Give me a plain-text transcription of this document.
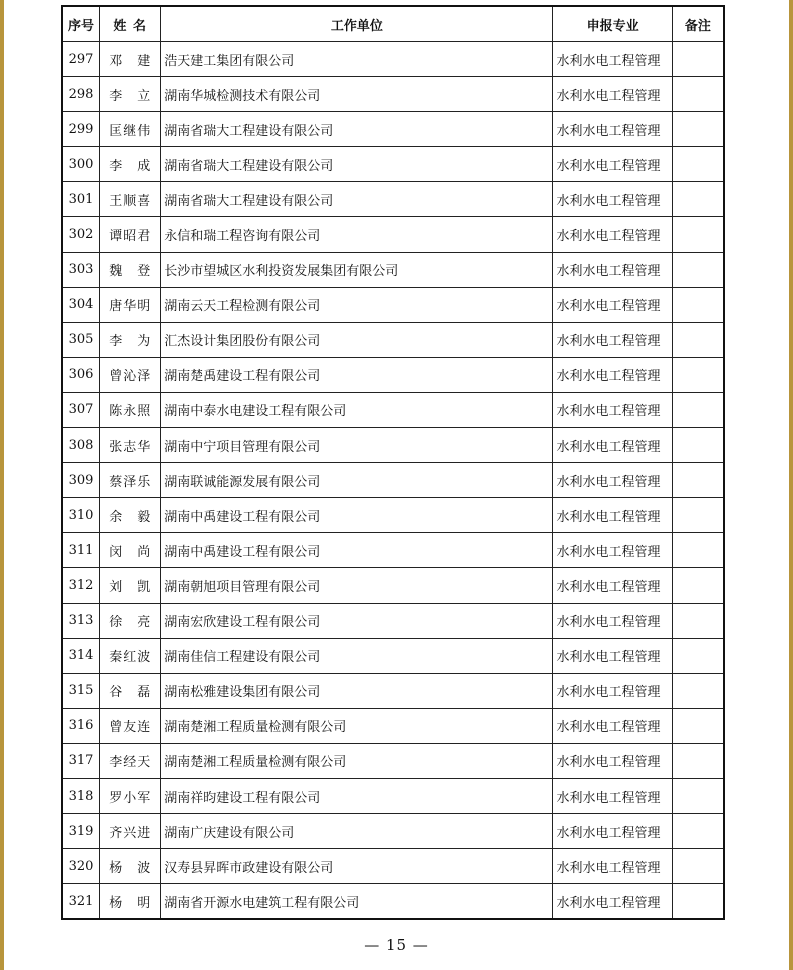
序号	姓 名	工作单位	申报专业	备注
297	邓　建	浩天建工集团有限公司	水利水电工程管理	
298	李　立	湖南华城检测技术有限公司	水利水电工程管理	
299	匡继伟	湖南省瑞大工程建设有限公司	水利水电工程管理	
300	李　成	湖南省瑞大工程建设有限公司	水利水电工程管理	
301	王顺喜	湖南省瑞大工程建设有限公司	水利水电工程管理	
302	谭昭君	永信和瑞工程咨询有限公司	水利水电工程管理	
303	魏　登	长沙市望城区水利投资发展集团有限公司	水利水电工程管理	
304	唐华明	湖南云天工程检测有限公司	水利水电工程管理	
305	李　为	汇杰设计集团股份有限公司	水利水电工程管理	
306	曾沁泽	湖南楚禹建设工程有限公司	水利水电工程管理	
307	陈永照	湖南中泰水电建设工程有限公司	水利水电工程管理	
308	张志华	湖南中宁项目管理有限公司	水利水电工程管理	
309	蔡泽乐	湖南联诚能源发展有限公司	水利水电工程管理	
310	余　毅	湖南中禹建设工程有限公司	水利水电工程管理	
311	闵　尚	湖南中禹建设工程有限公司	水利水电工程管理	
312	刘　凯	湖南朝旭项目管理有限公司	水利水电工程管理	
313	徐　亮	湖南宏欣建设工程有限公司	水利水电工程管理	
314	秦红波	湖南佳信工程建设有限公司	水利水电工程管理	
315	谷　磊	湖南松雅建设集团有限公司	水利水电工程管理	
316	曾友连	湖南楚湘工程质量检测有限公司	水利水电工程管理	
317	李经天	湖南楚湘工程质量检测有限公司	水利水电工程管理	
318	罗小军	湖南祥昀建设工程有限公司	水利水电工程管理	
319	齐兴进	湖南广庆建设有限公司	水利水电工程管理	
320	杨　波	汉寿县昇晖市政建设有限公司	水利水电工程管理	
321	杨　明	湖南省开源水电建筑工程有限公司	水利水电工程管理	
— 15 —
